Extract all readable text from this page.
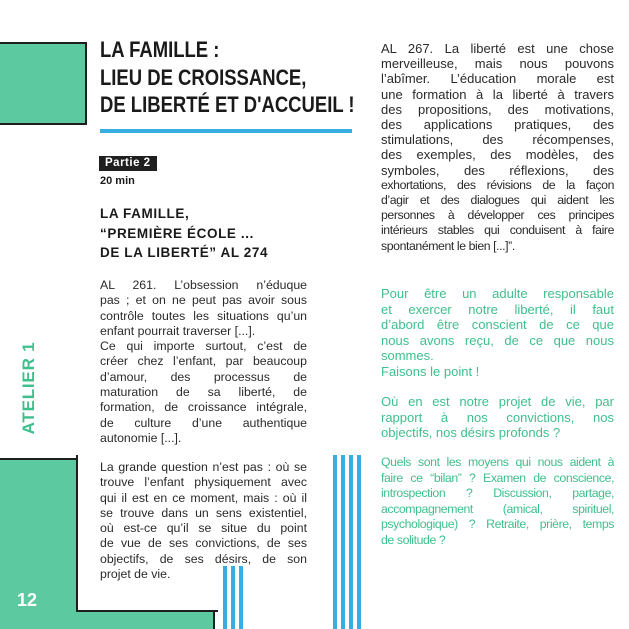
ATELIER 1
12
LA FAMILLE :
LIEU DE CROISSANCE,
DE LIBERTÉ ET D'ACCUEIL !
Partie 2
20 min
LA FAMILLE,
“PREMIÈRE ÉCOLE ...
DE LA LIBERTÉ” AL 274
AL 261. L’obsession n’éduque
pas ; et on ne peut pas avoir sous
contrôle toutes les situations qu’un
enfant pourrait traverser [...].
Ce qui importe surtout, c’est de
créer chez l’enfant, par beaucoup
d’amour, des processus de
maturation de sa liberté, de
formation, de croissance intégrale,
de culture d’une authentique
autonomie [...].
La grande question n’est pas : où se
trouve l’enfant physiquement avec
qui il est en ce moment, mais : où il
se trouve dans un sens existentiel,
où est-ce qu’il se situe du point
de vue de ses convictions, de ses
objectifs, de ses désirs, de son
projet de vie.
AL 267. La liberté est une chose
merveilleuse, mais nous pouvons
l’abîmer. L’éducation morale est
une formation à la liberté à travers
des propositions, des motivations,
des applications pratiques, des
stimulations, des récompenses,
des exemples, des modèles, des
symboles, des réflexions, des
exhortations, des révisions de la façon
d’agir et des dialogues qui aident les
personnes à développer ces principes
intérieurs stables qui conduisent à faire
spontanément le bien [...]”.
Pour être un adulte responsable
et exercer notre liberté, il faut
d’abord être conscient de ce que
nous avons reçu, de ce que nous
sommes.
Faisons le point !
Où en est notre projet de vie, par
rapport à nos convictions, nos
objectifs, nos désirs profonds ?
Quels sont les moyens qui nous aident à
faire ce “bilan” ? Examen de conscience,
introspection ? Discussion, partage,
accompagnement (amical, spirituel,
psychologique) ? Retraite, prière, temps
de solitude ?
